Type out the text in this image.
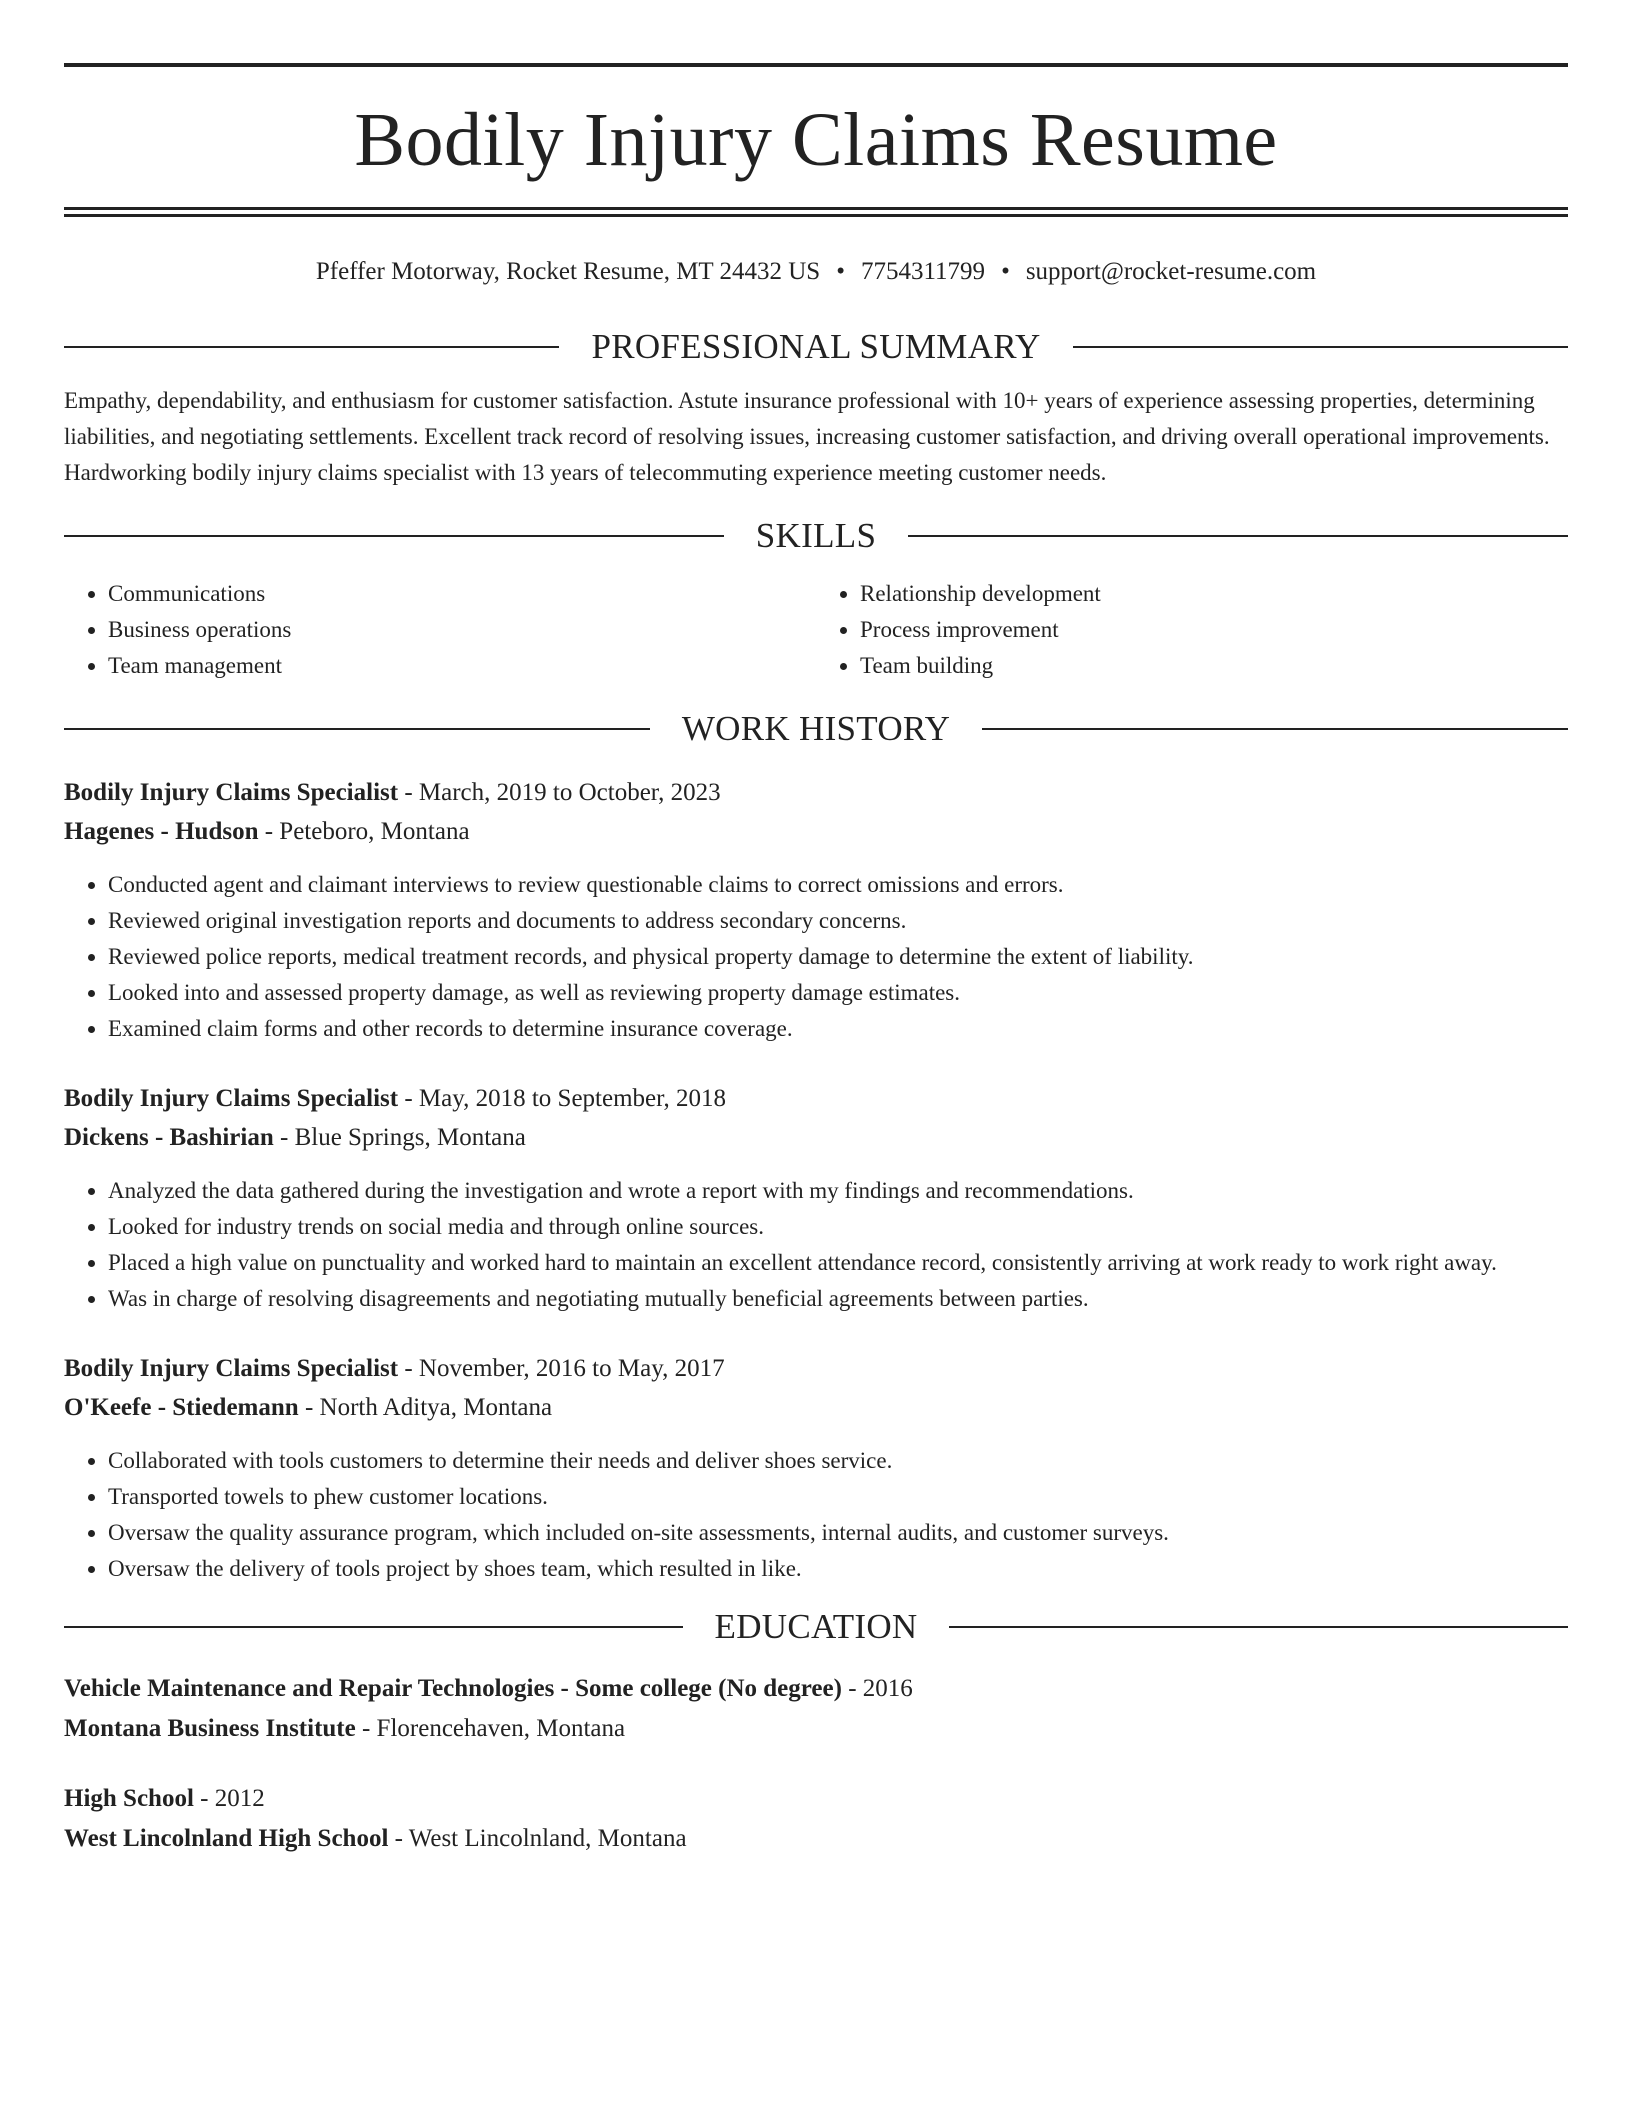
Bodily Injury Claims Resume
Pfeffer Motorway, Rocket Resume, MT 24432 US • 7754311799 • support@rocket-resume.com
PROFESSIONAL SUMMARY

Empathy, dependability, and enthusiasm for customer satisfaction. Astute insurance professional with 10+ years of experience assessing properties, determining liabilities, and negotiating settlements. Excellent track record of resolving issues, increasing customer satisfaction, and driving overall operational improvements. Hardworking bodily injury claims specialist with 13 years of telecommuting experience meeting customer needs.

SKILLS
• Communications
• Business operations
• Team management
• Relationship development
• Process improvement
• Team building
WORK HISTORY
Bodily Injury Claims Specialist - March, 2019 to October, 2023
Hagenes - Hudson - Peteboro, Montana
• Conducted agent and claimant interviews to review questionable claims to correct omissions and errors.
• Reviewed original investigation reports and documents to address secondary concerns.
• Reviewed police reports, medical treatment records, and physical property damage to determine the extent of liability.
• Looked into and assessed property damage, as well as reviewing property damage estimates.
• Examined claim forms and other records to determine insurance coverage.
Bodily Injury Claims Specialist - May, 2018 to September, 2018
Dickens - Bashirian - Blue Springs, Montana
• Analyzed the data gathered during the investigation and wrote a report with my findings and recommendations.
• Looked for industry trends on social media and through online sources.
• Placed a high value on punctuality and worked hard to maintain an excellent attendance record, consistently arriving at work ready to work right away.
• Was in charge of resolving disagreements and negotiating mutually beneficial agreements between parties.
Bodily Injury Claims Specialist - November, 2016 to May, 2017
O'Keefe - Stiedemann - North Aditya, Montana
• Collaborated with tools customers to determine their needs and deliver shoes service.
• Transported towels to phew customer locations.
• Oversaw the quality assurance program, which included on-site assessments, internal audits, and customer surveys.
• Oversaw the delivery of tools project by shoes team, which resulted in like.
EDUCATION
Vehicle Maintenance and Repair Technologies - Some college (No degree) - 2016
Montana Business Institute - Florencehaven, Montana
High School - 2012
West Lincolnland High School - West Lincolnland, Montana
